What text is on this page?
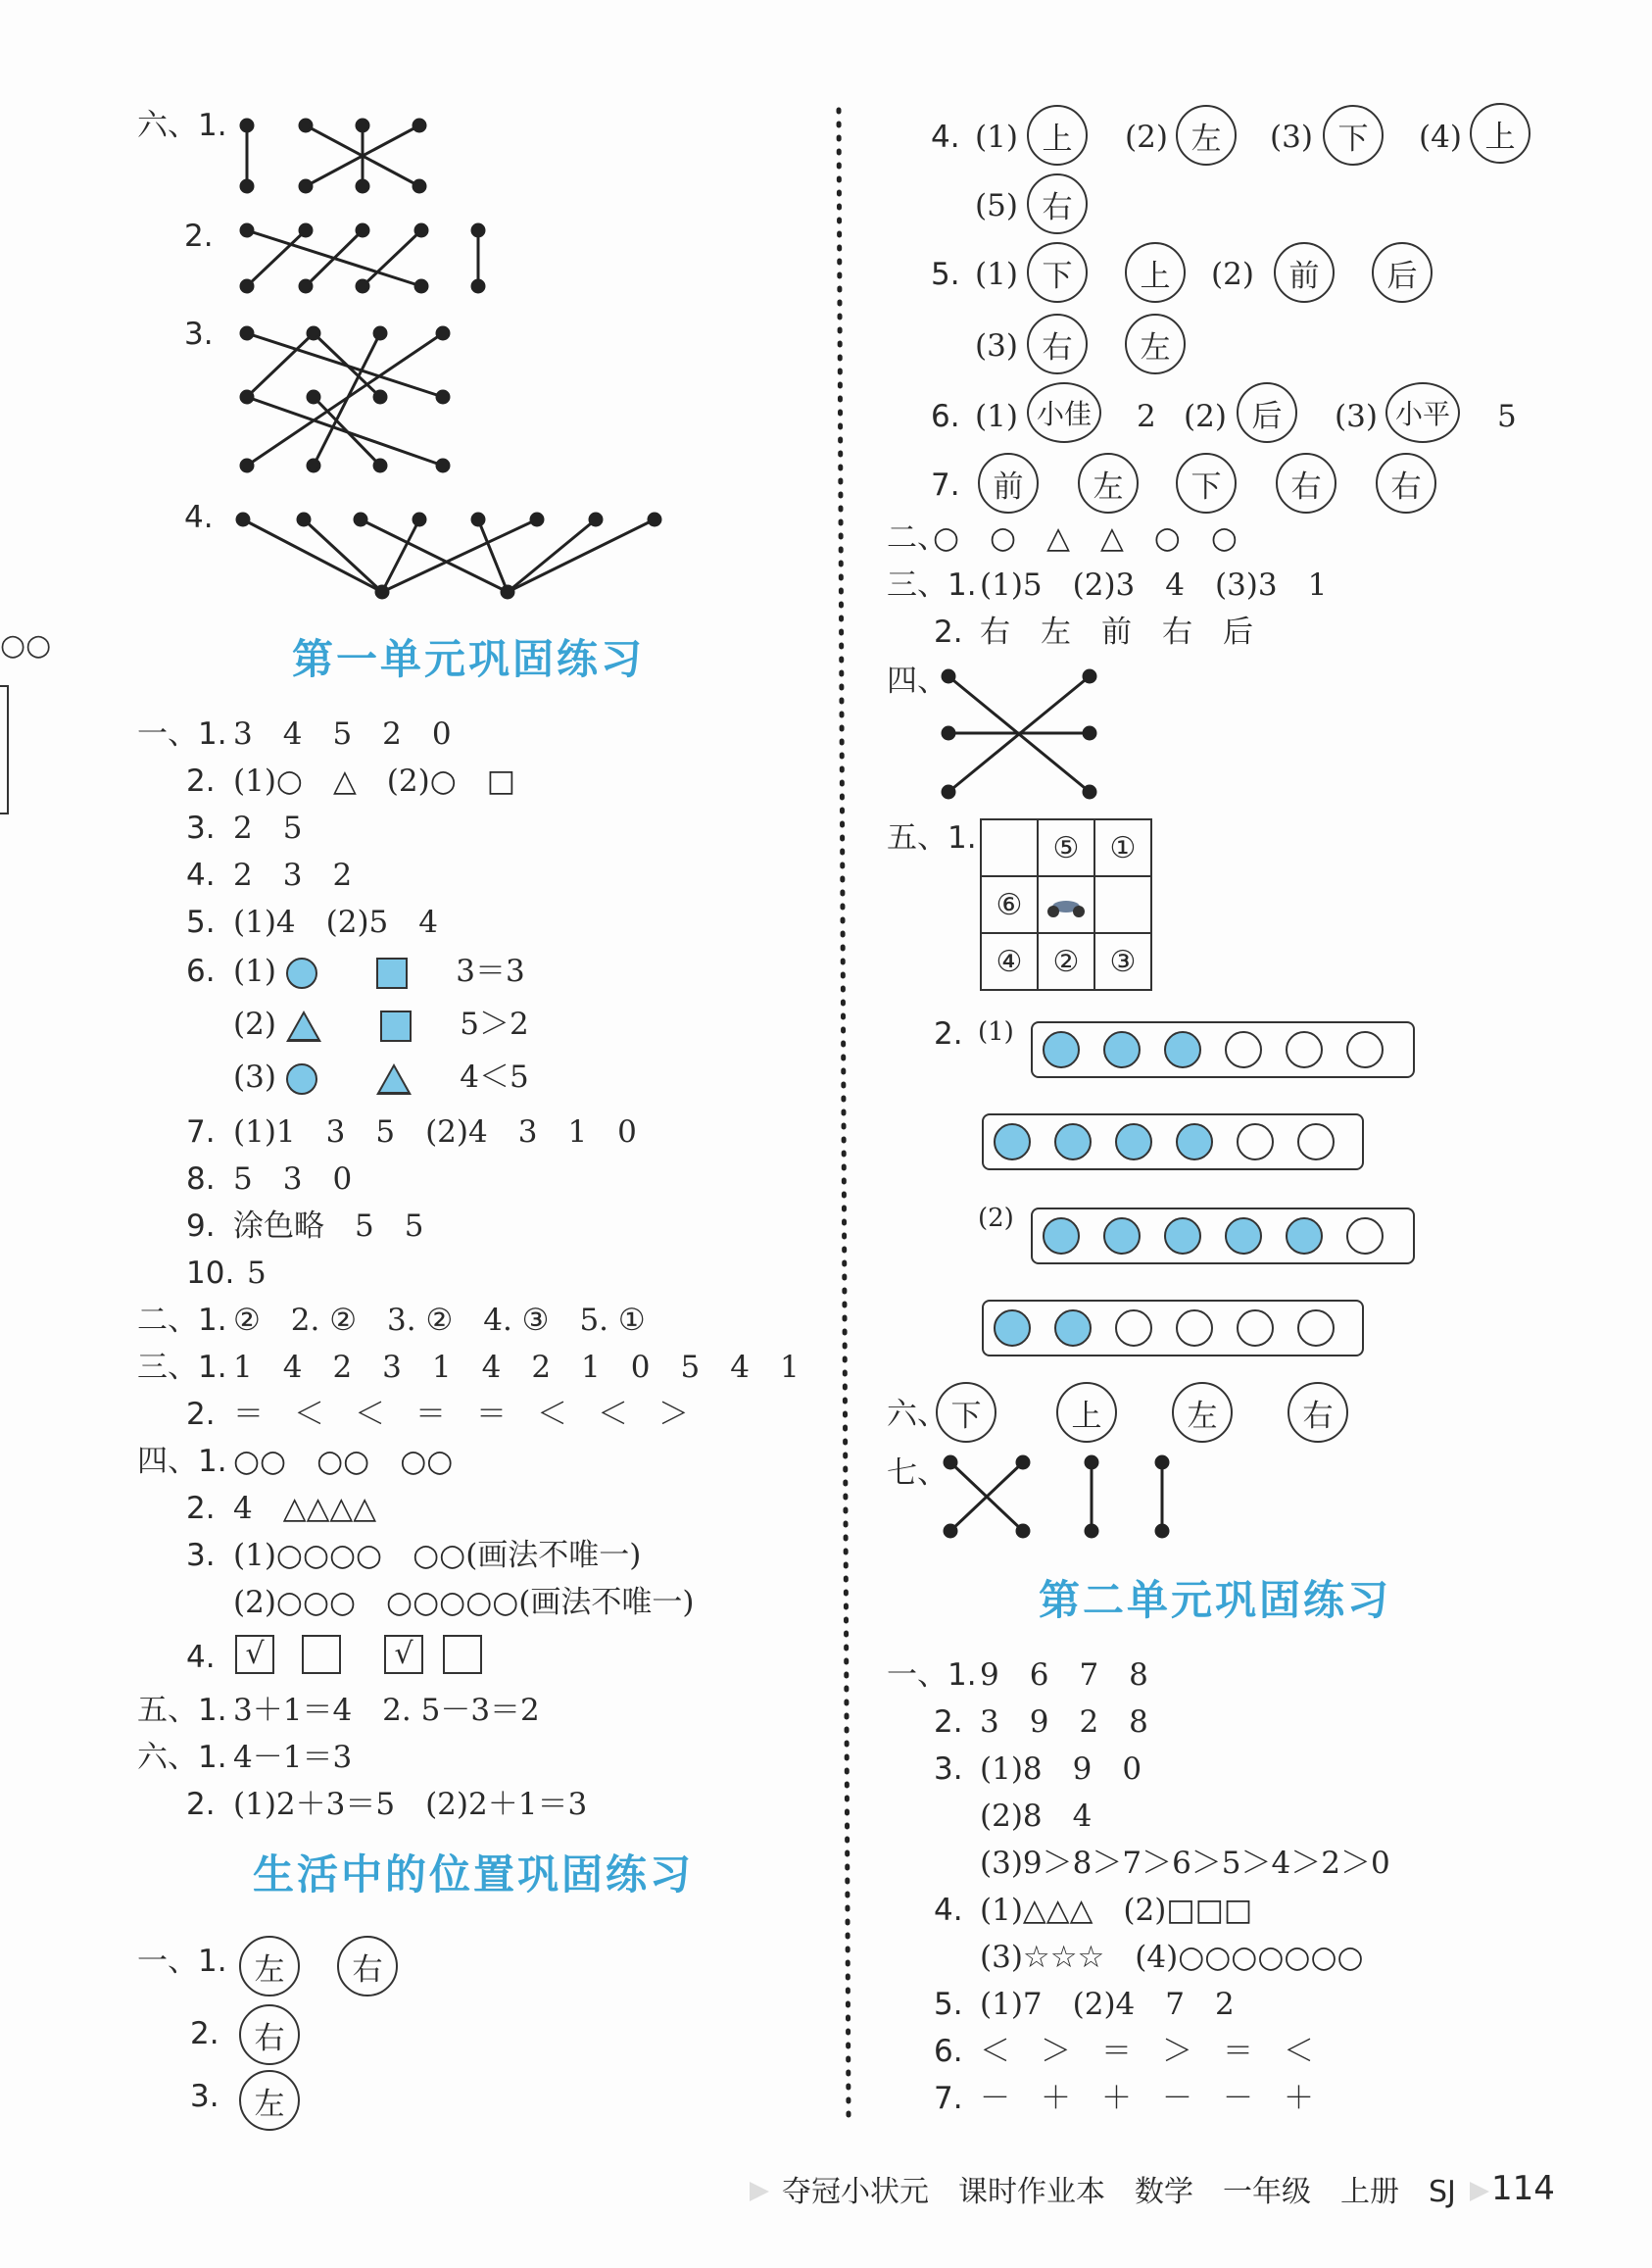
○○
六、1.
2.
3.
4.
第一单元巩固练习
一、1. 3　4　5　2　0
2. (1)○　△　(2)○　□
3. 2　5
4. 2　3　2
5. (1)4　(2)5　4
6. (1)	3＝3
(2)	5＞2
(3)	4＜5
7. (1)1　3　5　(2)4　3　1　0
8. 5　3　0
9. 涂色略　5　5
10. 5
二、1. ②　2. ②　3. ②　4. ③　5. ①
三、1. 1　4　2　3　1　4　2　1　0　5　4　1
2. ＝　＜　＜　＝　＝　＜　＜　＞
四、1. ○○　○○　○○
2. 4　△△△△
3. (1)○○○○　○○(画法不唯一)
(2)○○○　○○○○○(画法不唯一)
4.	√	√
五、1. 3＋1＝4　2. 5－3＝2
六、1. 4－1＝3
2. (1)2＋3＝5　(2)2＋1＝3
生活中的位置巩固练习
一、1. 左	右
2.	右
3.	左
4. (1) 上	(2) 左	(3) 下	(4) 上
(5) 右
5. (1) 下	上	(2)	前	后
(3) 右	左
6. (1) 小佳	2 (2) 后	(3) 小平	5
7.	前	左	下	右	右
二、
○　○　△　△　○　○
三、1. (1)5　(2)3　4　(3)3　1
2. 右　左　前　右　后
四、
五、1.
		⑤	①
⑥		
④	②	③
2. (1)
(2)
六、 下	上	左	右
七、
第二单元巩固练习
一、1. 9　6　7　8
2. 3　9　2　8
3. (1)8　9　0
(2)8　4
(3)9＞8＞7＞6＞5＞4＞2＞0
4. (1)△△△　(2)□□□
(3)☆☆☆　(4)○○○○○○○
5. (1)7　(2)4　7　2
6. ＜　＞　＝　＞　＝　＜
7. －　＋　＋　－　－　＋
夺冠小状元　课时作业本　数学　一年级　上册　SJ 114
